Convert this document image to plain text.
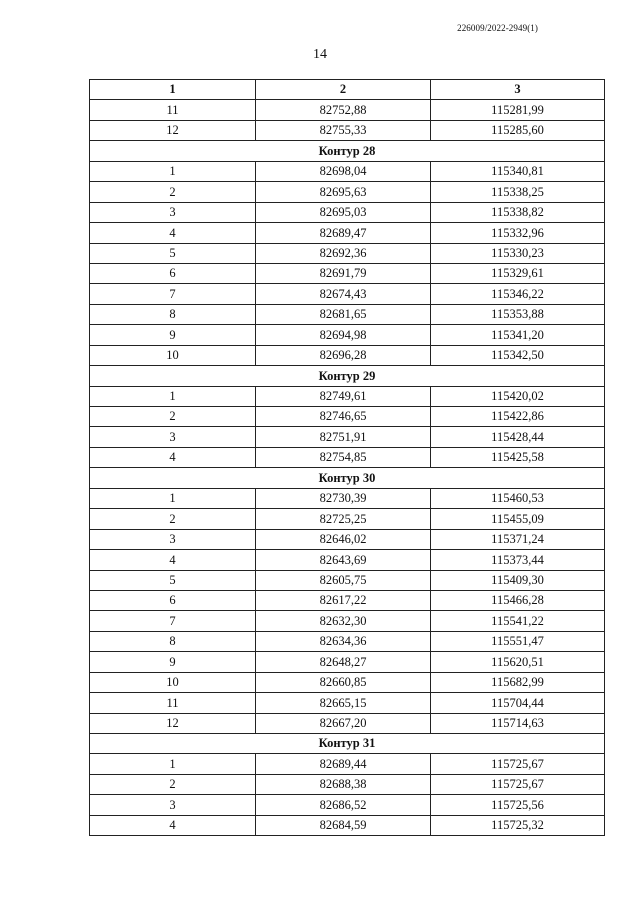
226009/2022-2949(1)
14
1	2	3
11	82752,88	115281,99
12	82755,33	115285,60
Контур 28		
1	82698,04	115340,81
2	82695,63	115338,25
3	82695,03	115338,82
4	82689,47	115332,96
5	82692,36	115330,23
6	82691,79	115329,61
7	82674,43	115346,22
8	82681,65	115353,88
9	82694,98	115341,20
10	82696,28	115342,50
Контур 29		
1	82749,61	115420,02
2	82746,65	115422,86
3	82751,91	115428,44
4	82754,85	115425,58
Контур 30		
1	82730,39	115460,53
2	82725,25	115455,09
3	82646,02	115371,24
4	82643,69	115373,44
5	82605,75	115409,30
6	82617,22	115466,28
7	82632,30	115541,22
8	82634,36	115551,47
9	82648,27	115620,51
10	82660,85	115682,99
11	82665,15	115704,44
12	82667,20	115714,63
Контур 31		
1	82689,44	115725,67
2	82688,38	115725,67
3	82686,52	115725,56
4	82684,59	115725,32
